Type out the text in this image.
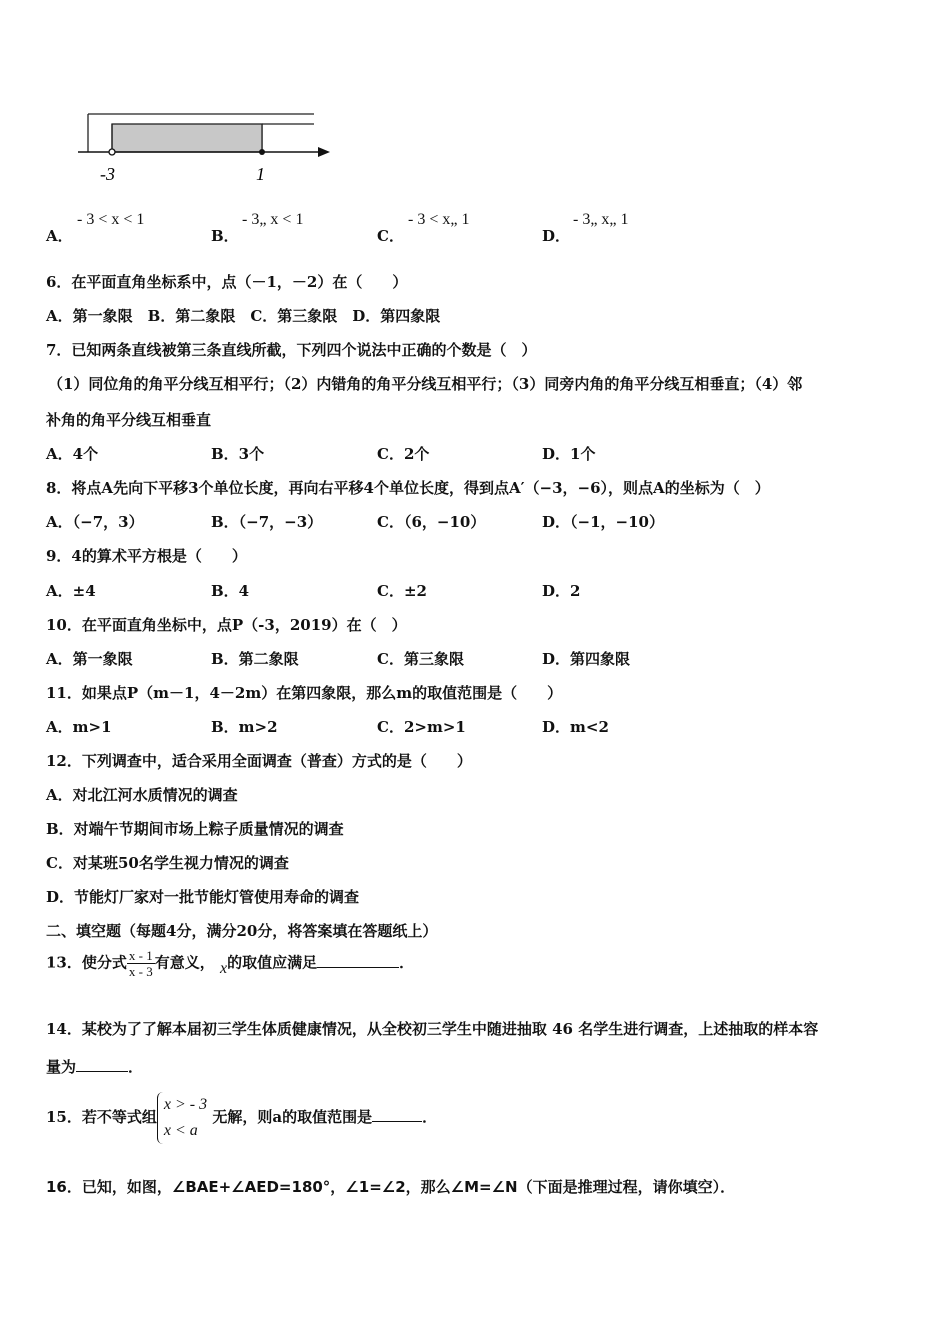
-3	1
A．
- 3 < x < 1
B．
- 3„ x < 1
C．
- 3 < x„ 1
D．
- 3„ x„ 1
6．在平面直角坐标系中，点（－1，－2）在（　　）
A．第一象限　B．第二象限　C．第三象限　D．第四象限
7．已知两条直线被第三条直线所截，下列四个说法中正确的个数是（　）
（1）同位角的角平分线互相平行；（2）内错角的角平分线互相平行；（3）同旁内角的角平分线互相垂直；（4）邻
补角的角平分线互相垂直
A．4个	B．3个	C．2个	D．1个
8．将点A先向下平移3个单位长度，再向右平移4个单位长度，得到点A′（−3，−6），则点A的坐标为（　）
A．（−7，3）	B．（−7，−3）	C．（6，−10）	D．（−1，−10）
9．4的算术平方根是（　　）
A．±4	B．4	C．±2	D．2
10．在平面直角坐标中，点P（-3，2019）在（　）
A．第一象限	B．第二象限	C．第三象限	D．第四象限
11．如果点P（m－1，4－2m）在第四象限，那么m的取值范围是（　　）
A．m>1	B．m>2	C．2>m>1	D．m<2
12．下列调查中，适合采用全面调查（普查）方式的是（　　）
A．对北江河水质情况的调查
B．对端午节期间市场上粽子质量情况的调查
C．对某班50名学生视力情况的调查
D．节能灯厂家对一批节能灯管使用寿命的调查
二、填空题（每题4分，满分20分，将答案填在答题纸上）
13．使分式 $\frac{x - 1}{x - 3}$ 有意义， x的取值应满足	．
14．某校为了了解本届初三学生体质健康情况，从全校初三学生中随进抽取 46 名学生进行调查，上述抽取的样本容
量为	．
15．若不等式组
x > - 3
x < a
无解，则a的取值范围是	．
16．已知，如图，∠BAE+∠AED=180°，∠1=∠2，那么∠M=∠N（下面是推理过程，请你填空）．
